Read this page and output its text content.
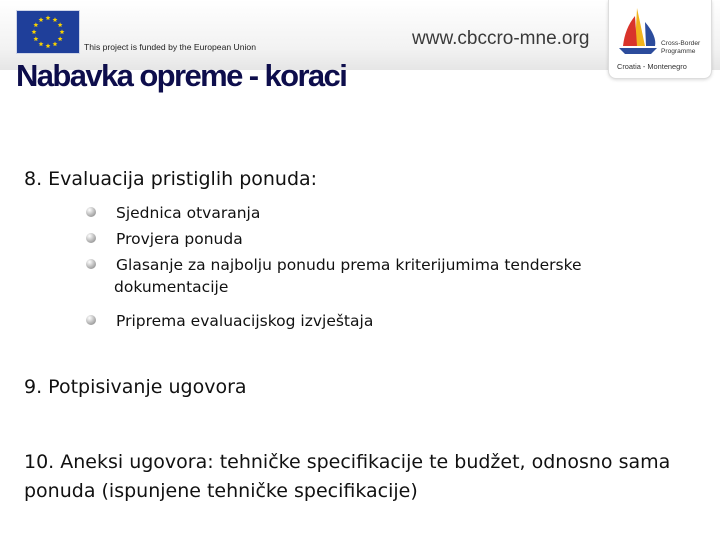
This project is funded by the European Union	www.cbccro-mne.org	Cross-Border
Programme
Croatia - Montenegro
Nabavka opreme - koraci
8. Evaluacija pristiglih ponuda:
Sjednica otvaranja
Provjera ponuda
Glasanje za najbolju ponudu prema kriterijumima tenderske
dokumentacije
Priprema evaluacijskog izvještaja
9. Potpisivanje ugovora
10. Aneksi ugovora: tehničke specifikacije te budžet, odnosno sama ponuda (ispunjene tehničke specifikacije)
